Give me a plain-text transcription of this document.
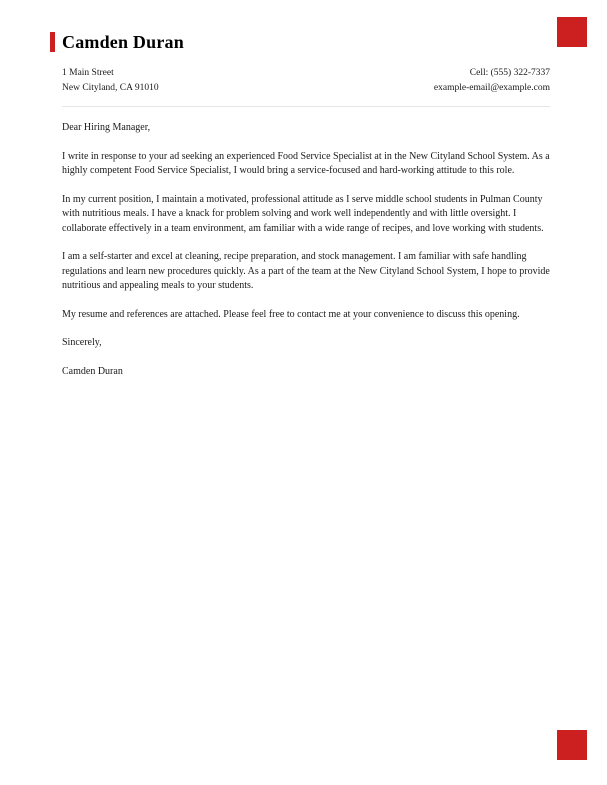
Camden Duran
1 Main Street
New Cityland, CA 91010
Cell: (555) 322-7337
example-email@example.com

Dear Hiring Manager,

I write in response to your ad seeking an experienced Food Service Specialist at in the New Cityland School System. As a highly competent Food Service Specialist, I would bring a service-focused and hard-working attitude to this role.

In my current position, I maintain a motivated, professional attitude as I serve middle school students in Pulman County with nutritious meals. I have a knack for problem solving and work well independently and with little oversight. I collaborate effectively in a team environment, am familiar with a wide range of recipes, and love working with students.

I am a self-starter and excel at cleaning, recipe preparation, and stock management. I am familiar with safe handling regulations and learn new procedures quickly. As a part of the team at the New Cityland School System, I hope to provide nutritious and appealing meals to your students.

My resume and references are attached. Please feel free to contact me at your convenience to discuss this opening.

Sincerely,

Camden Duran
